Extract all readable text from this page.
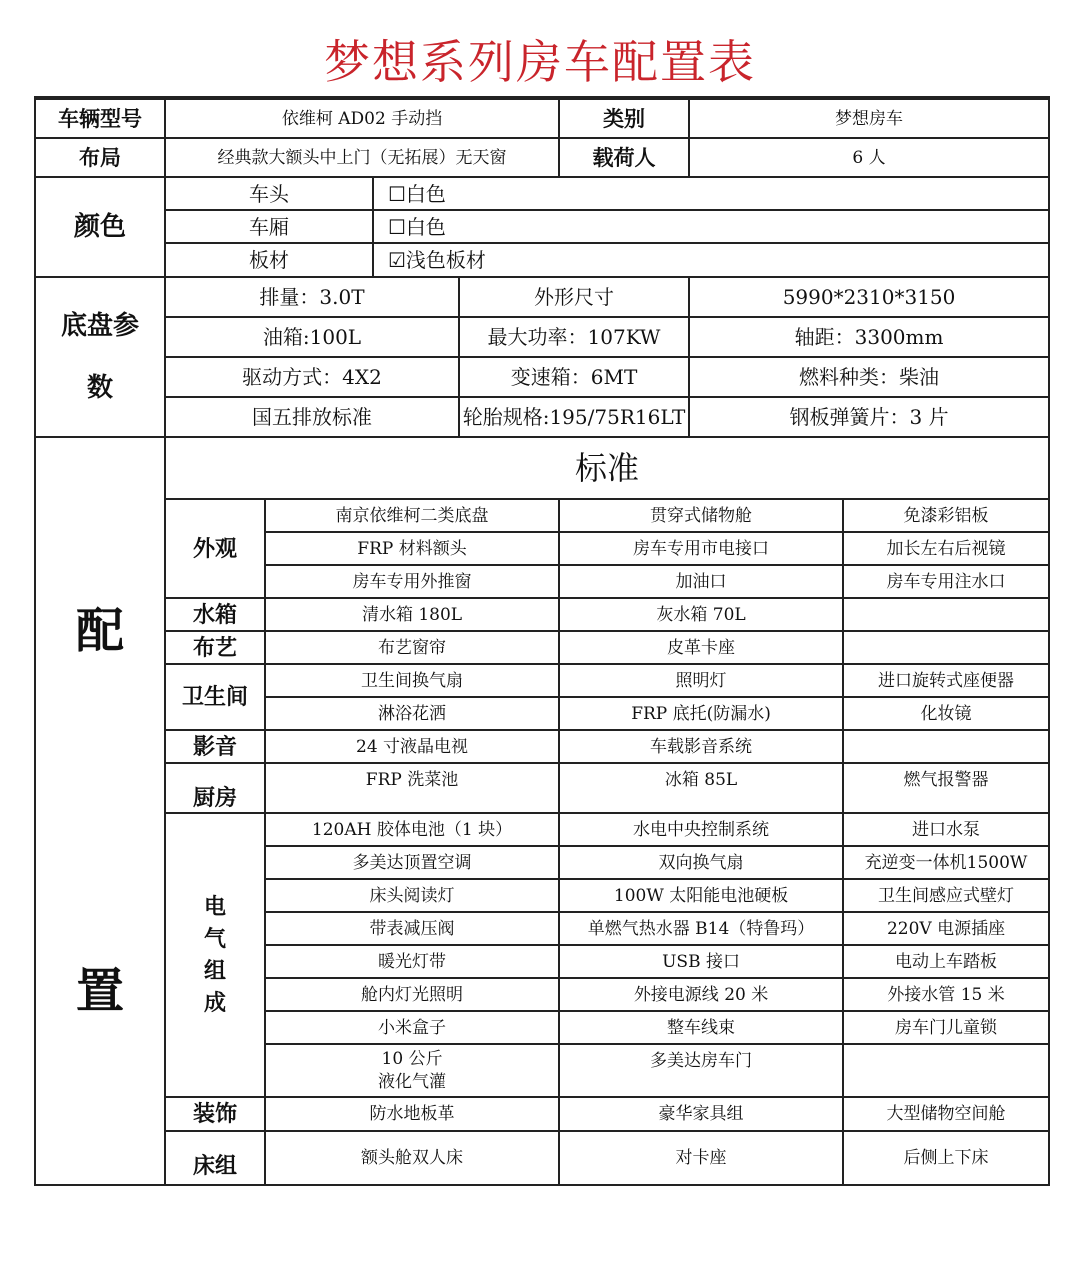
梦想系列房车配置表
车辆型号	依维柯 AD02 手动挡				类别	梦想房车	
布局	经典款大额头中上门（无拓展）无天窗				载荷人	6 人	
颜色	车头		☐白色				
	车厢		☐白色				
	板材		☑浅色板材				
底盘参
数	排量：3.0T			外形尺寸		5990*2310*3150	
	油箱:100L			最大功率：107KW		轴距：3300mm	
	驱动方式：4X2			变速箱：6MT		燃料种类：柴油	
	国五排放标准			轮胎规格:195/75R16LT		钢板弹簧片：3 片	

配
置	标准						
	外观	南京依维柯二类底盘			贯穿式储物舱		免漆彩铝板
		FRP 材料额头			房车专用市电接口		加长左右后视镜
		房车专用外推窗			加油口		房车专用注水口
	水箱	清水箱 180L			灰水箱 70L		
	布艺	布艺窗帘			皮革卡座		
	卫生间	卫生间换气扇			照明灯		进口旋转式座便器
		淋浴花洒			FRP 底托(防漏水)		化妆镜
	影音	24 寸液晶电视			车载影音系统		
	厨房	FRP 洗菜池			冰箱 85L		燃气报警器
	电
气
组
成	120AH 胶体电池（1 块）			水电中央控制系统		进口水泵
		多美达顶置空调			双向换气扇		充逆变一体机1500W
		床头阅读灯			100W 太阳能电池硬板		卫生间感应式壁灯
		带表减压阀			单燃气热水器 B14（特鲁玛）		220V 电源插座
		暖光灯带			USB 接口		电动上车踏板
		舱内灯光照明			外接电源线 20 米		外接水管 15 米
		小米盒子			整车线束		房车门儿童锁
		10 公斤
液化气灌			多美达房车门		
	装饰	防水地板革			豪华家具组		大型储物空间舱
	床组	额头舱双人床			对卡座		后侧上下床
